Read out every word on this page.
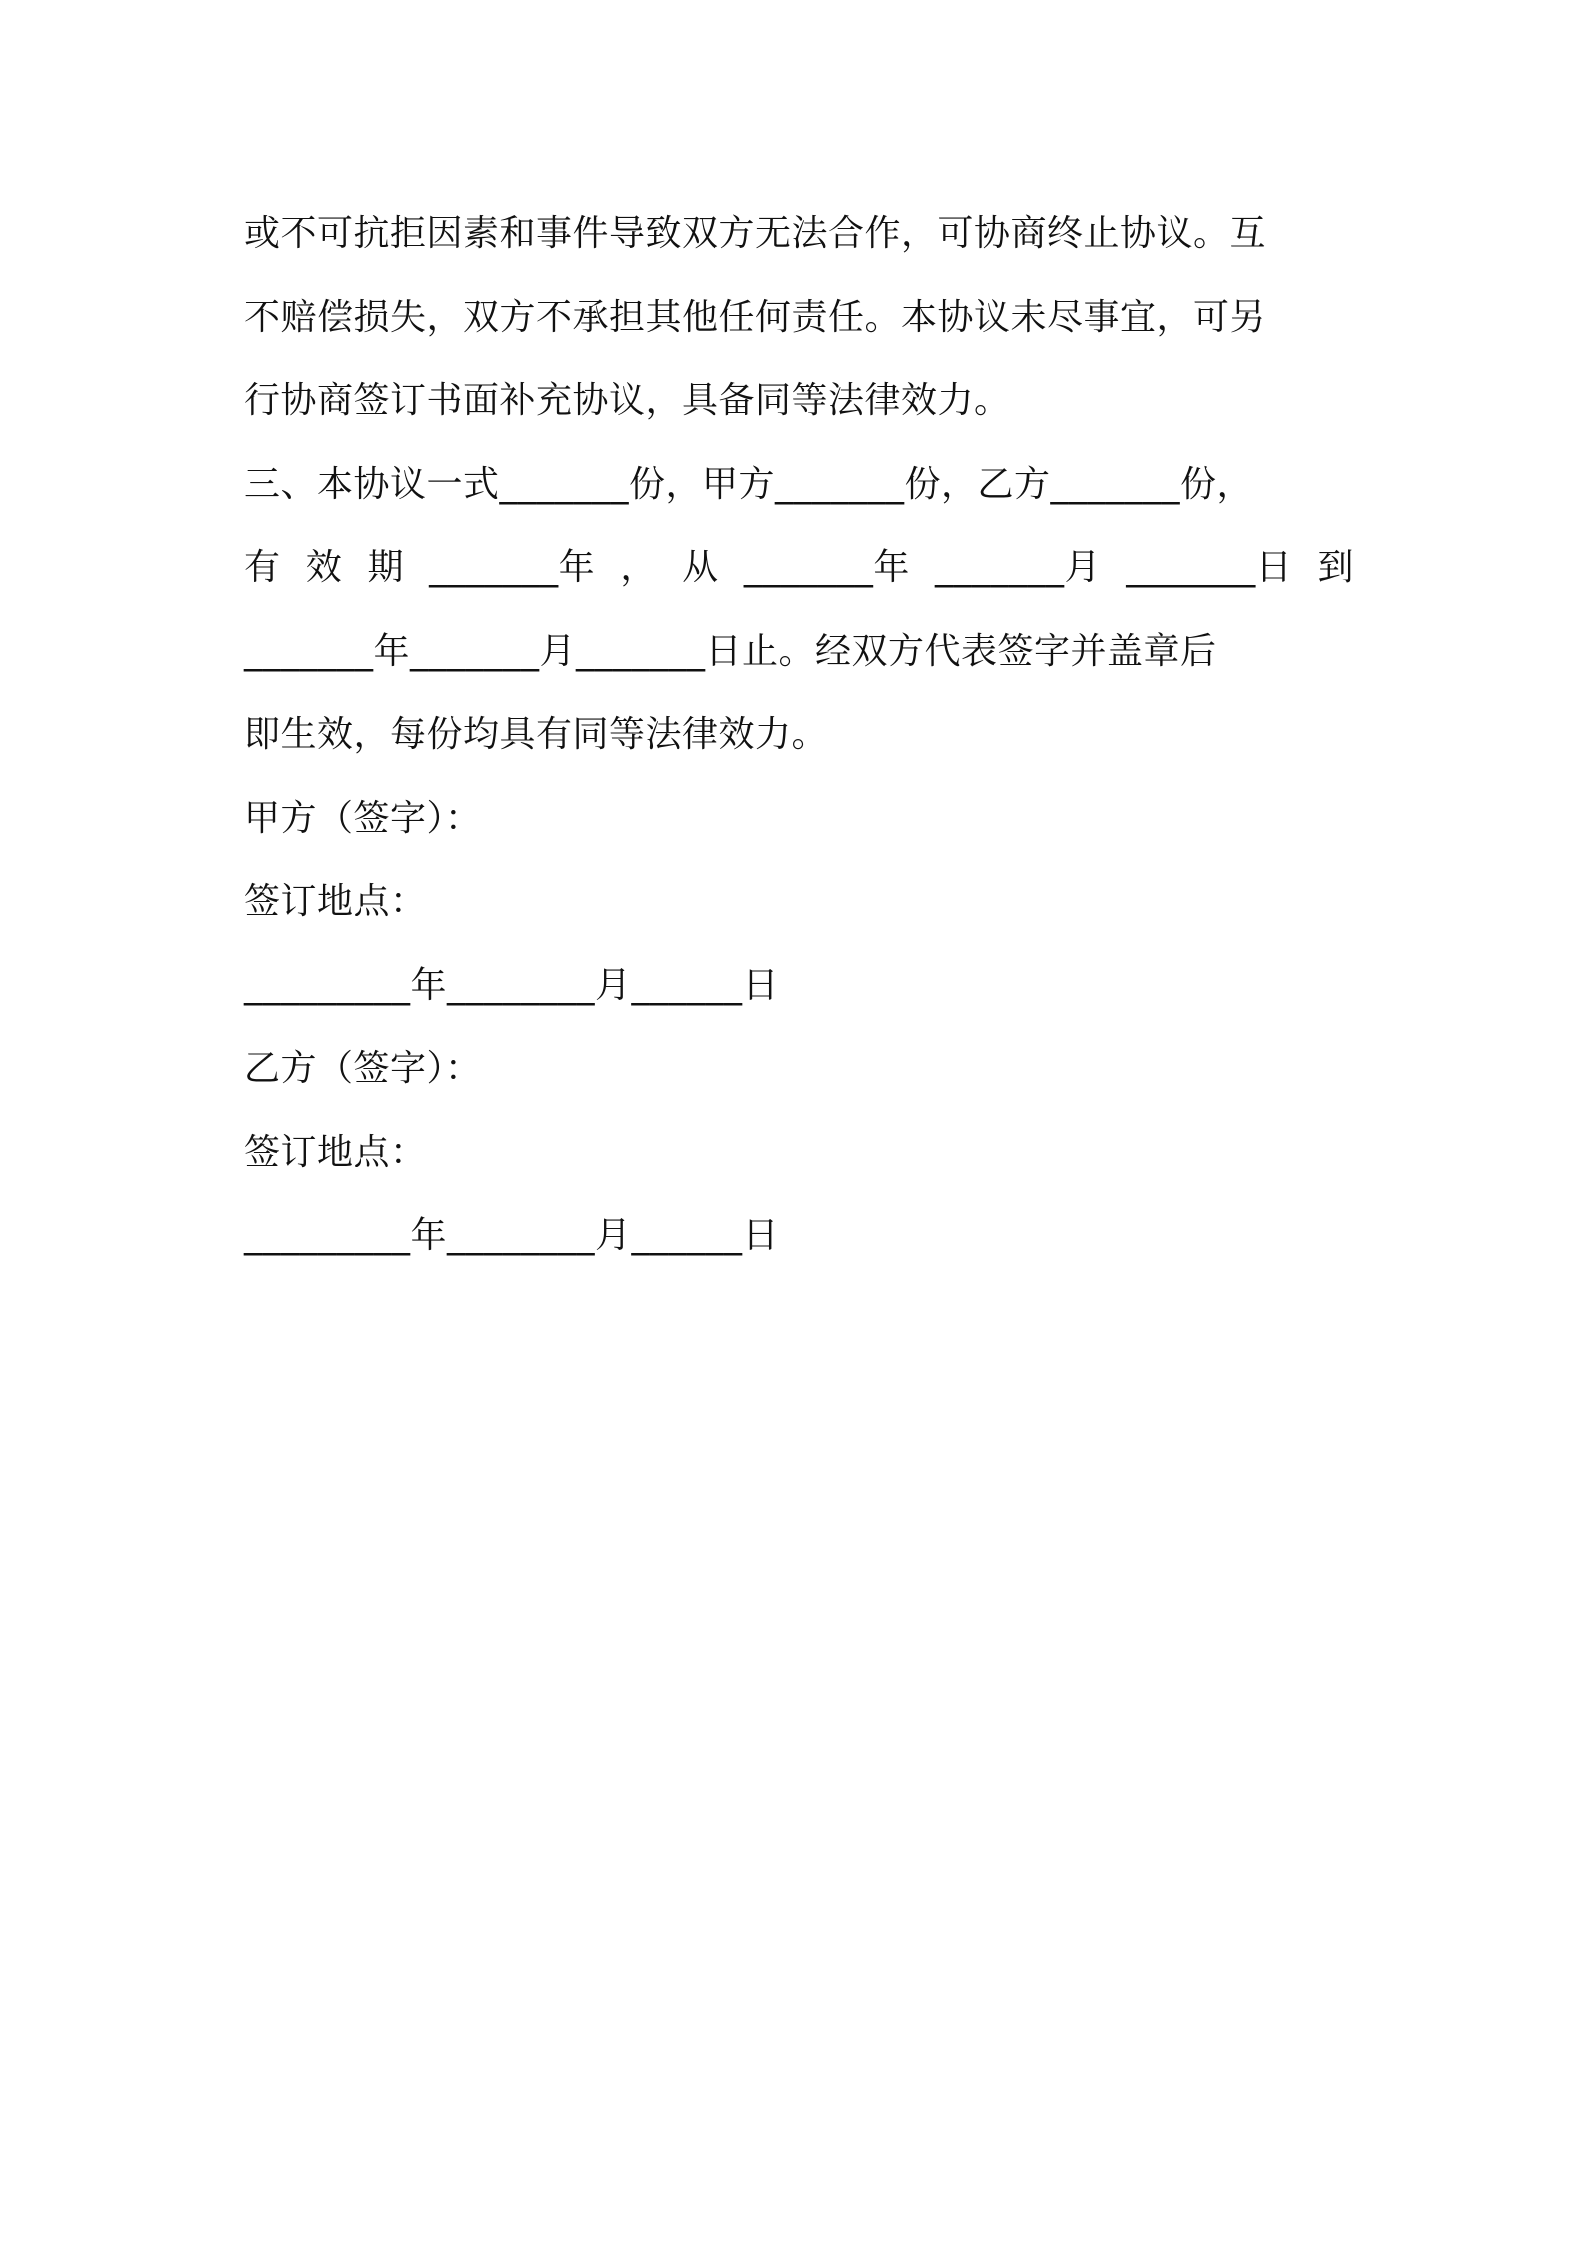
或不可抗拒因素和事件导致双方无法合作，可协商终止协议。互
不赔偿损失，双方不承担其他任何责任。本协议未尽事宜，可另
行协商签订书面补充协议，具备同等法律效力。
三、本协议一式_______份，甲方_______份，乙方_______份，
有 效 期 _______年 ， 从 _______年 _______月 _______日 到
_______年_______月_______日止。经双方代表签字并盖章后
即生效，每份均具有同等法律效力。
甲方（签字）：
签订地点：
_________年________月______日
乙方（签字）：
签订地点：
_________年________月______日
